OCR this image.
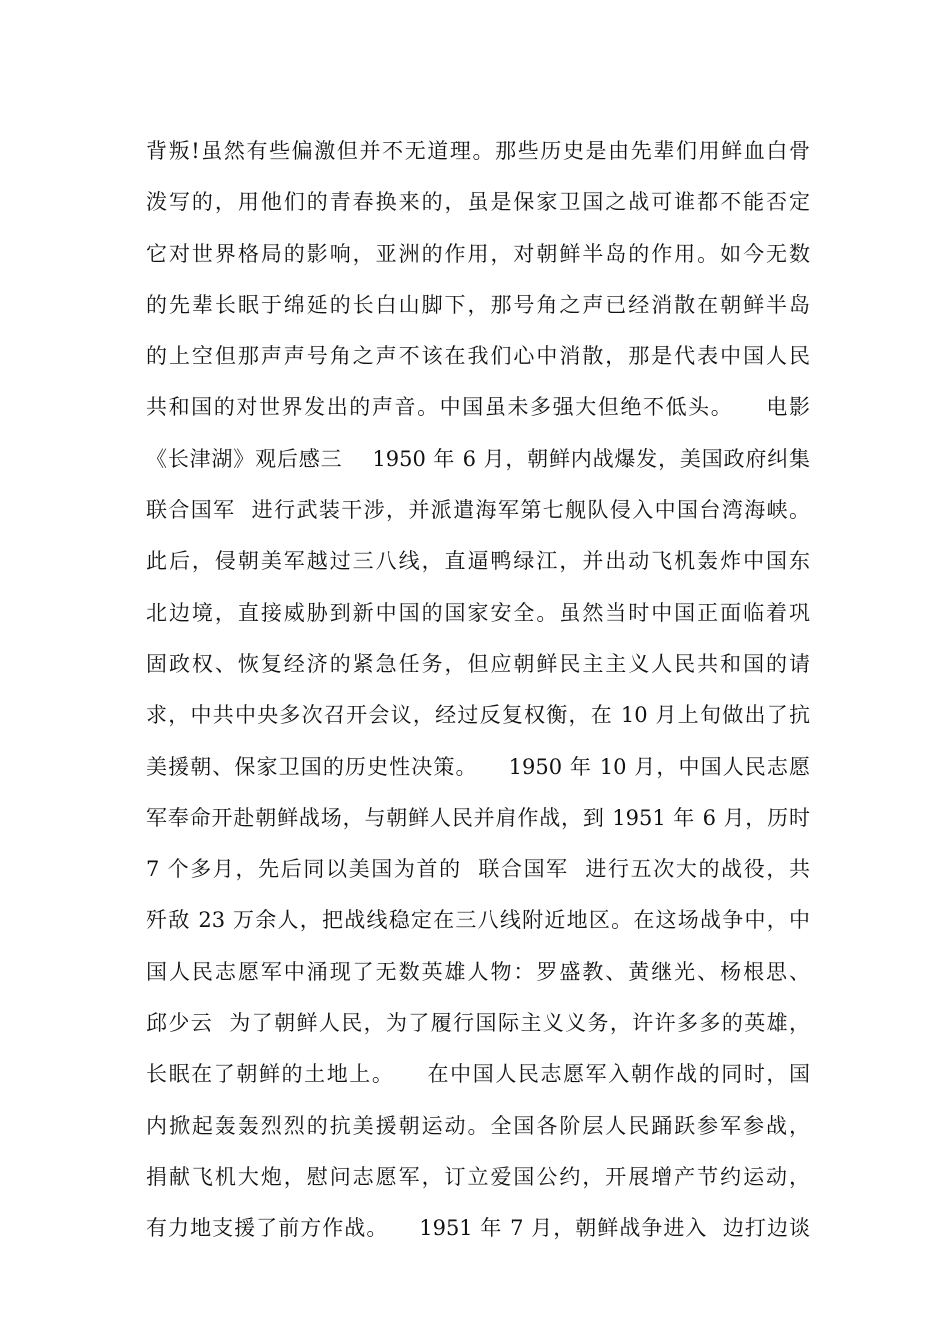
背叛!虽然有些偏激但并不无道理。那些历史是由先辈们用鲜血白骨
泼写的，用他们的青春换来的，虽是保家卫国之战可谁都不能否定
它对世界格局的影响，亚洲的作用，对朝鲜半岛的作用。如今无数
的先辈长眠于绵延的长白山脚下，那号角之声已经消散在朝鲜半岛
的上空但那声声号角之声不该在我们心中消散，那是代表中国人民
共和国的对世界发出的声音。中国虽未多强大但绝不低头。    电影
《长津湖》观后感三    1950 年 6 月，朝鲜内战爆发，美国政府纠集
联合国军  进行武装干涉，并派遣海军第七舰队侵入中国台湾海峡。
此后，侵朝美军越过三八线，直逼鸭绿江，并出动飞机轰炸中国东
北边境，直接威胁到新中国的国家安全。虽然当时中国正面临着巩
固政权、恢复经济的紧急任务，但应朝鲜民主主义人民共和国的请
求，中共中央多次召开会议，经过反复权衡，在 10 月上旬做出了抗
美援朝、保家卫国的历史性决策。    1950 年 10 月，中国人民志愿
军奉命开赴朝鲜战场，与朝鲜人民并肩作战，到 1951 年 6 月，历时
7 个多月，先后同以美国为首的  联合国军  进行五次大的战役，共
歼敌 23 万余人，把战线稳定在三八线附近地区。在这场战争中，中
国人民志愿军中涌现了无数英雄人物：罗盛教、黄继光、杨根思、
邱少云  为了朝鲜人民，为了履行国际主义义务，许许多多的英雄，
长眠在了朝鲜的土地上。    在中国人民志愿军入朝作战的同时，国
内掀起轰轰烈烈的抗美援朝运动。全国各阶层人民踊跃参军参战，
捐献飞机大炮，慰问志愿军，订立爱国公约，开展增产节约运动，
有力地支援了前方作战。    1951 年 7 月，朝鲜战争进入  边打边谈
